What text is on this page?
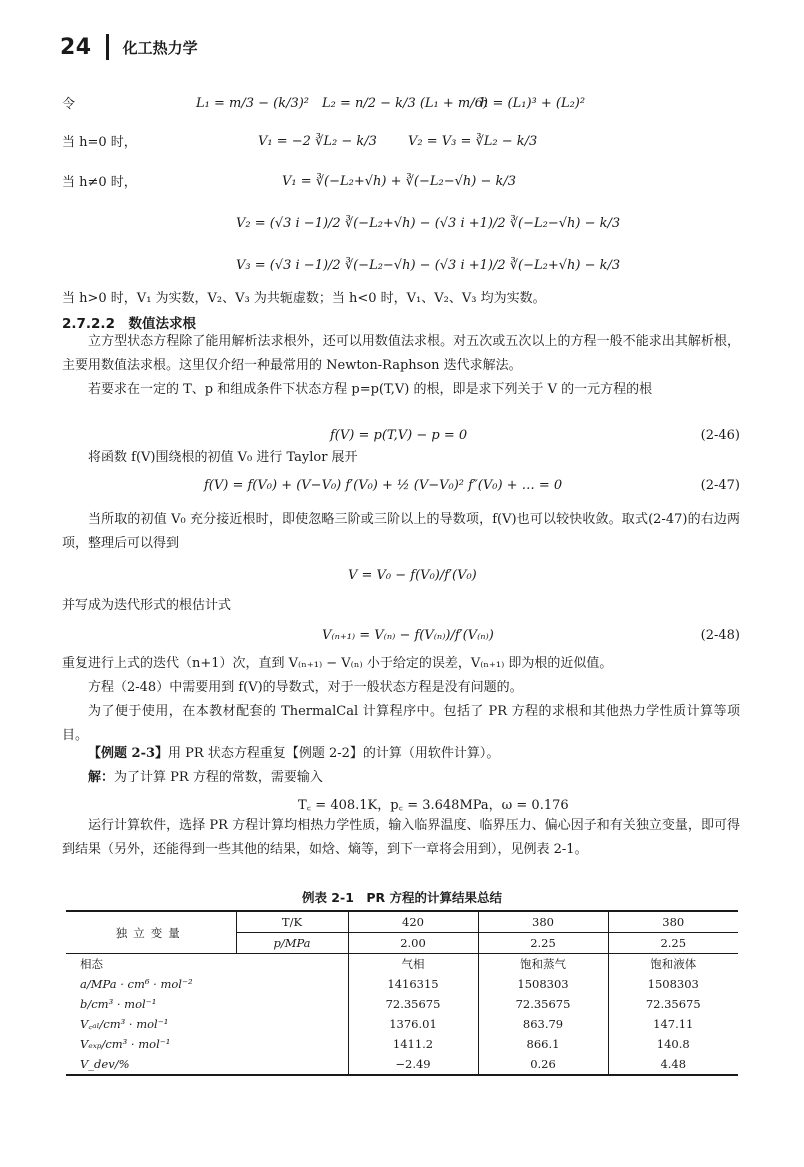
24 化工热力学
令	L₁ = m/3 − (k/3)² L₂ = n/2 − k/3 (L₁ + m/6)
h = (L₁)³ + (L₂)²
当 h=0 时，	V₁ = −2 ∛L₂ − k/3 V₂ = V₃ = ∛L₂ − k/3
当 h≠0 时，	V₁ = ∛(−L₂+√h) + ∛(−L₂−√h) − k/3
V₂ = (√3 i −1)/2 ∛(−L₂+√h) − (√3 i +1)/2 ∛(−L₂−√h) − k/3
V₃ = (√3 i −1)/2 ∛(−L₂−√h) − (√3 i +1)/2 ∛(−L₂+√h) − k/3
当 h>0 时，V₁ 为实数，V₂、V₃ 为共轭虚数；当 h<0 时，V₁、V₂、V₃ 均为实数。
2.7.2.2　数值法求根
立方型状态方程除了能用解析法求根外，还可以用数值法求根。对五次或五次以上的方程一般不能求出其解析根，主要用数值法求根。这里仅介绍一种最常用的 Newton-Raphson 迭代求解法。
若要求在一定的 T、p 和组成条件下状态方程 p=p(T,V) 的根，即是求下列关于 V 的一元方程的根
f(V) = p(T,V) − p = 0	(2-46)
将函数 f(V)围绕根的初值 V₀ 进行 Taylor 展开
f(V) = f(V₀) + (V−V₀) f′(V₀) + ½ (V−V₀)² f″(V₀) + … = 0	(2-47)
当所取的初值 V₀ 充分接近根时，即使忽略三阶或三阶以上的导数项，f(V)也可以较快收敛。取式(2-47)的右边两项，整理后可以得到
V = V₀ − f(V₀)/f′(V₀)
并写成为迭代形式的根估计式
V₍ₙ₊₁₎ = V₍ₙ₎ − f(V₍ₙ₎)/f′(V₍ₙ₎)	(2-48)
重复进行上式的迭代（n+1）次，直到 V₍ₙ₊₁₎ − V₍ₙ₎ 小于给定的误差，V₍ₙ₊₁₎ 即为根的近似值。
方程（2-48）中需要用到 f(V)的导数式，对于一般状态方程是没有问题的。
为了便于使用，在本教材配套的 ThermalCal 计算程序中。包括了 PR 方程的求根和其他热力学性质计算等项目。
【例题 2-3】用 PR 状态方程重复【例题 2-2】的计算（用软件计算）。
解：为了计算 PR 方程的常数，需要输入
T꜀ = 408.1K，p꜀ = 3.648MPa，ω = 0.176
运行计算软件，选择 PR 方程计算均相热力学性质，输入临界温度、临界压力、偏心因子和有关独立变量，即可得到结果（另外，还能得到一些其他的结果，如焓、熵等，到下一章将会用到），见例表 2-1。
例表 2-1　PR 方程的计算结果总结
独立变量	T/K	420	380	380
	p/MPa	2.00	2.25	2.25
相态		气相	饱和蒸气	饱和液体
a/MPa · cm⁶ · mol⁻²		1416315	1508303	1508303
b/cm³ · mol⁻¹		72.35675	72.35675	72.35675
V꜀ₐₗ/cm³ · mol⁻¹		1376.01	863.79	147.11
Vₑₓₚ/cm³ · mol⁻¹		1411.2	866.1	140.8
V_dev/%		−2.49	0.26	4.48
